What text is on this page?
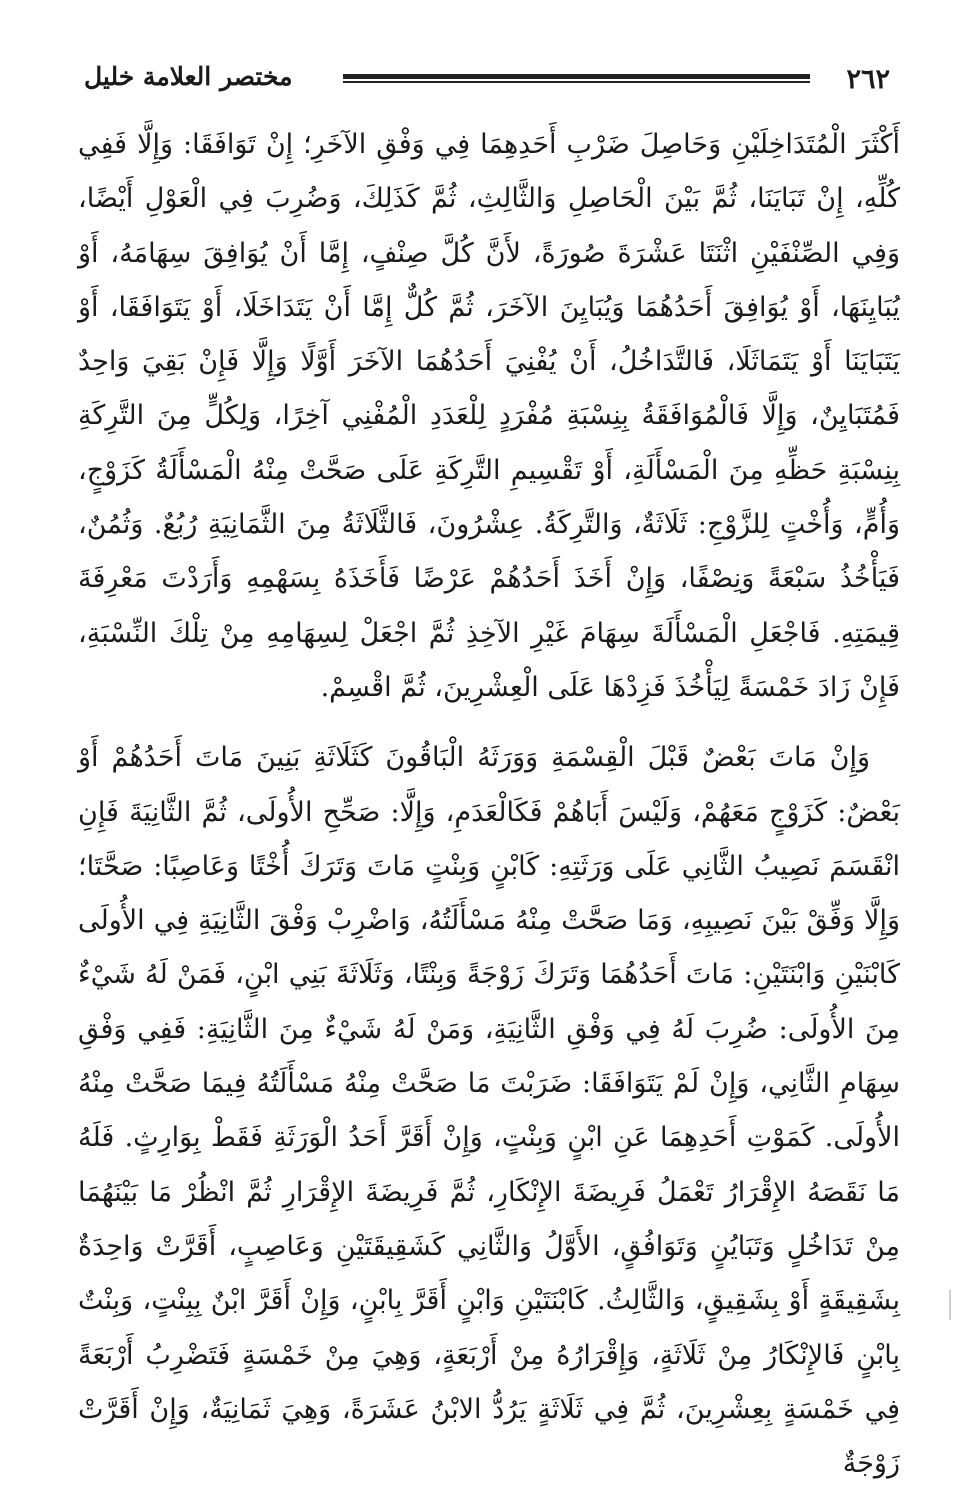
٢٦٢
مختصر العلامة خليل

أَكْثَرَ الْمُتَدَاخِلَيْنِ وَحَاصِلَ ضَرْبِ أَحَدِهِمَا فِي وَفْقِ الآخَرِ؛ إِنْ تَوَافَقَا: وَإِلَّا فَفِي كُلِّهِ، إِنْ تَبَايَنَا، ثُمَّ بَيْنَ الْحَاصِلِ وَالثَّالِثِ، ثُمَّ كَذَلِكَ، وَضُرِبَ فِي الْعَوْلِ أَيْضًا، وَفِي الصِّنْفَيْنِ اثْنَتَا عَشْرَةَ صُورَةً، لأَنَّ كُلَّ صِنْفٍ، إِمَّا أَنْ يُوَافِقَ سِهَامَهُ، أَوْ يُبَايِنَهَا، أَوْ يُوَافِقَ أَحَدُهُمَا وَيُبَايِنَ الآخَرَ، ثُمَّ كُلٌّ إِمَّا أَنْ يَتَدَاخَلَا، أَوْ يَتَوَافَقَا، أَوْ يَتَبَايَنَا أَوْ يَتَمَاثَلَا، فَالتَّدَاخُلُ، أَنْ يُفْنِيَ أَحَدُهُمَا الآخَرَ أَوَّلًا وَإِلَّا فَإِنْ بَقِيَ وَاحِدٌ فَمُتَبَايِنٌ، وَإِلَّا فَالْمُوَافَقَةُ بِنِسْبَةِ مُفْرَدٍ لِلْعَدَدِ الْمُفْنِي آخِرًا، وَلِكُلٍّ مِنَ التَّرِكَةِ بِنِسْبَةِ حَظِّهِ مِنَ الْمَسْأَلَةِ، أَوْ تَقْسِيمِ التَّرِكَةِ عَلَى صَحَّتْ مِنْهُ الْمَسْأَلَةُ كَزَوْجٍ، وَأُمٍّ، وَأُخْتٍ لِلزَّوْجِ: ثَلَاثَةٌ، وَالتَّرِكَةُ. عِشْرُونَ، فَالثَّلَاثَةُ مِنَ الثَّمَانِيَةِ رُبُعٌ. وَثُمُنٌ، فَيَأْخُذُ سَبْعَةً وَنِصْفًا، وَإِنْ أَخَذَ أَحَدُهُمْ عَرْضًا فَأَخَذَهُ بِسَهْمِهِ وَأَرَدْتَ مَعْرِفَةَ قِيمَتِهِ. فَاجْعَلِ الْمَسْأَلَةَ سِهَامَ غَيْرِ الآخِذِ ثُمَّ اجْعَلْ لِسِهَامِهِ مِنْ تِلْكَ النِّسْبَةِ، فَإِنْ زَادَ خَمْسَةً لِيَأْخُذَ فَزِدْهَا عَلَى الْعِشْرِينَ، ثُمَّ اقْسِمْ.

وَإِنْ مَاتَ بَعْضٌ قَبْلَ الْقِسْمَةِ وَوَرَثَهُ الْبَاقُونَ كَثَلَاثَةِ بَنِينَ مَاتَ أَحَدُهُمْ أَوْ بَعْضٌ: كَزَوْجٍ مَعَهُمْ، وَلَيْسَ أَبَاهُمْ فَكَالْعَدَمِ، وَإِلَّا: صَحِّحِ الأُولَى، ثُمَّ الثَّانِيَةَ فَإِنِ انْقَسَمَ نَصِيبُ الثَّانِي عَلَى وَرَثَتِهِ: كَابْنٍ وَبِنْتٍ مَاتَ وَتَرَكَ أُخْتًا وَعَاصِبًا: صَحَّتَا؛ وَإِلَّا وَفِّقْ بَيْنَ نَصِيبِهِ، وَمَا صَحَّتْ مِنْهُ مَسْأَلَتُهُ، وَاضْرِبْ وَفْقَ الثَّانِيَةِ فِي الأُولَى كَابْنَيْنِ وَابْنَتَيْنِ: مَاتَ أَحَدُهُمَا وَتَرَكَ زَوْجَةً وَبِنْتًا، وَثَلَاثَةَ بَنِي ابْنٍ، فَمَنْ لَهُ شَيْءٌ مِنَ الأُولَى: ضُرِبَ لَهُ فِي وَفْقِ الثَّانِيَةِ، وَمَنْ لَهُ شَيْءٌ مِنَ الثَّانِيَةِ: فَفِي وَفْقِ سِهَامِ الثَّانِي، وَإِنْ لَمْ يَتَوَافَقَا: ضَرَبْتَ مَا صَحَّتْ مِنْهُ مَسْأَلَتُهُ فِيمَا صَحَّتْ مِنْهُ الأُولَى. كَمَوْتِ أَحَدِهِمَا عَنِ ابْنٍ وَبِنْتٍ، وَإِنْ أَقَرَّ أَحَدُ الْوَرَثَةِ فَقَطْ بِوَارِثٍ. فَلَهُ مَا نَقَصَهُ الإِقْرَارُ تَعْمَلُ فَرِيضَةَ الإِنْكَارِ، ثُمَّ فَرِيضَةَ الإِقْرَارِ ثُمَّ انْظُرْ مَا بَيْنَهُمَا مِنْ تَدَاخُلٍ وَتَبَايُنٍ وَتَوَافُقٍ، الأَوَّلُ وَالثَّانِي كَشَقِيقَتَيْنِ وَعَاصِبٍ، أَقَرَّتْ وَاحِدَةٌ بِشَقِيقَةٍ أَوْ بِشَقِيقٍ، وَالثَّالِثُ. كَابْنَتَيْنِ وَابْنٍ أَقَرَّ بِابْنٍ، وَإِنْ أَقَرَّ ابْنٌ بِبِنْتٍ، وَبِنْتٌ بِابْنٍ فَالإِنْكَارُ مِنْ ثَلَاثَةٍ، وَإِقْرَارُهُ مِنْ أَرْبَعَةٍ، وَهِيَ مِنْ خَمْسَةٍ فَتَضْرِبُ أَرْبَعَةً فِي خَمْسَةٍ بِعِشْرِينَ، ثُمَّ فِي ثَلَاثَةٍ يَرُدُّ الابْنُ عَشَرَةً، وَهِيَ ثَمَانِيَةٌ، وَإِنْ أَقَرَّتْ زَوْجَةٌ
